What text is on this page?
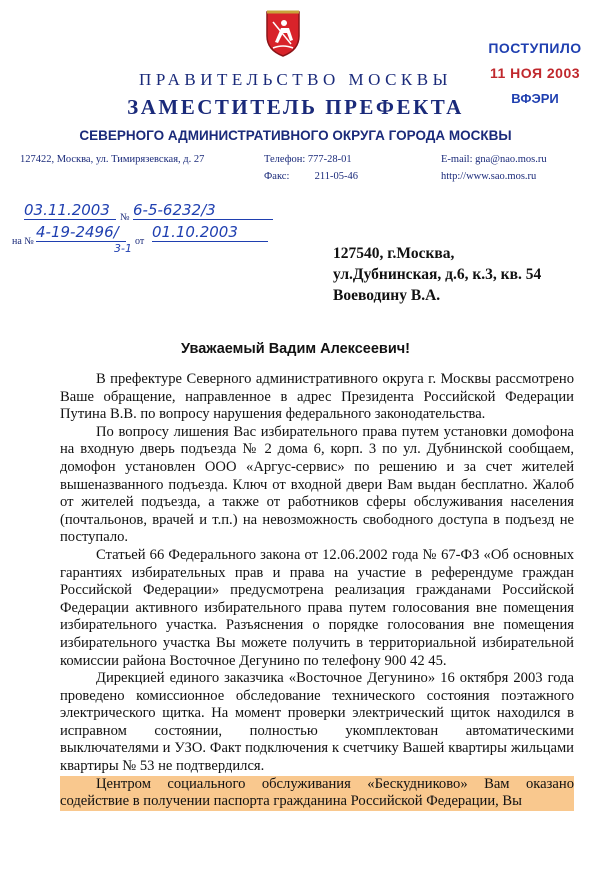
ПОСТУПИЛО
11 НОЯ 2003
ВФЭРИ
ПРАВИТЕЛЬСТВО МОСКВЫ
ЗАМЕСТИТЕЛЬ ПРЕФЕКТА
СЕВЕРНОГО АДМИНИСТРАТИВНОГО ОКРУГА ГОРОДА МОСКВЫ
127422, Москва, ул. Тимирязевская, д. 27	Телефон: 777-28-01
Факс: 211-05-46
E-mail: gna@nao.mos.ru
http://www.sao.mos.ru
03.11.2003	№ 6-5-6232/3
на №
4-19-2496/
3-1
от
01.10.2003
127540, г.Москва,
ул.Дубнинская, д.6, к.3, кв. 54
Воеводину В.А.
Уважаемый Вадим Алексеевич!

В префектуре Северного административного округа г. Москвы рассмотрено Ваше обращение, направленное в адрес Президента Российской Федерации Путина В.В. по вопросу нарушения федерального законодательства.

По вопросу лишения Вас избирательного права путем установки домофона на входную дверь подъезда № 2 дома 6, корп. 3 по ул. Дубнинской сообщаем, домофон установлен ООО «Аргус-сервис» по решению и за счет жителей вышеназванного подъезда. Ключ от входной двери Вам выдан бесплатно. Жалоб от жителей подъезда, а также от работников сферы обслуживания населения (почтальонов, врачей и т.п.) на невозможность свободного доступа в подъезд не поступало.

Статьей 66 Федерального закона от 12.06.2002 года № 67-ФЗ «Об основных гарантиях избирательных прав и права на участие в референдуме граждан Российской Федерации» предусмотрена реализация гражданами Российской Федерации активного избирательного права путем голосования вне помещения избирательного участка. Разъяснения о порядке голосования вне помещения избирательного участка Вы можете получить в территориальной избирательной комиссии района Восточное Дегунино по телефону 900 42 45.

Дирекцией единого заказчика «Восточное Дегунино» 16 октября 2003 года проведено комиссионное обследование технического состояния поэтажного электрического щитка. На момент проверки электрический щиток находился в исправном состоянии, полностью укомплектован автоматическими выключателями и УЗО. Факт подключения к счетчику Вашей квартиры жильцами квартиры № 53 не подтвердился.

Центром социального обслуживания «Бескудниково» Вам оказано содействие в получении паспорта гражданина Российской Федерации, Вы
